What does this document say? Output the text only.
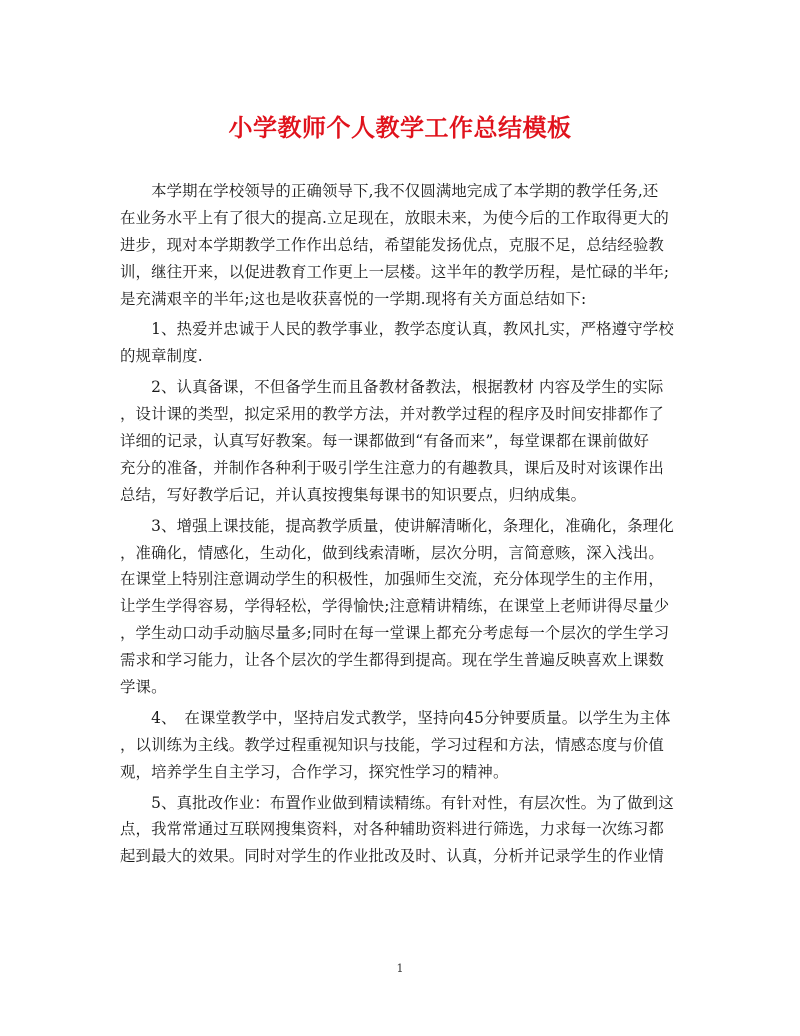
小学教师个人教学工作总结模板
　　本学期在学校领导的正确领导下,我不仅圆满地完成了本学期的教学任务,还
在业务水平上有了很大的提高.立足现在，放眼未来，为使今后的工作取得更大的
进步，现对本学期教学工作作出总结，希望能发扬优点，克服不足，总结经验教
训，继往开来，以促进教育工作更上一层楼。这半年的教学历程，是忙碌的半年;
是充满艰辛的半年;这也是收获喜悦的一学期.现将有关方面总结如下:
　　1、热爱并忠诚于人民的教学事业，教学态度认真，教风扎实，严格遵守学校
的规章制度.
　　2、认真备课，不但备学生而且备教材备教法，根据教材 内容及学生的实际
，设计课的类型，拟定采用的教学方法，并对教学过程的程序及时间安排都作了
详细的记录，认真写好教案。每一课都做到“有备而来”，每堂课都在课前做好
充分的准备，并制作各种利于吸引学生注意力的有趣教具，课后及时对该课作出
总结，写好教学后记，并认真按搜集每课书的知识要点，归纳成集。
　　3、增强上课技能，提高教学质量，使讲解清晰化，条理化，准确化，条理化
，准确化，情感化，生动化，做到线索清晰，层次分明，言简意赅，深入浅出。
在课堂上特别注意调动学生的积极性，加强师生交流，充分体现学生的主作用，
让学生学得容易，学得轻松，学得愉快;注意精讲精练，在课堂上老师讲得尽量少
，学生动口动手动脑尽量多;同时在每一堂课上都充分考虑每一个层次的学生学习
需求和学习能力，让各个层次的学生都得到提高。现在学生普遍反映喜欢上课数
学课。
　　4、　在课堂教学中，坚持启发式教学，坚持向45分钟要质量。以学生为主体
，以训练为主线。教学过程重视知识与技能，学习过程和方法，情感态度与价值
观，培养学生自主学习，合作学习，探究性学习的精神。
　　5、真批改作业：布置作业做到精读精练。有针对性，有层次性。为了做到这
点，我常常通过互联网搜集资料，对各种辅助资料进行筛选，力求每一次练习都
起到最大的效果。同时对学生的作业批改及时、认真，分析并记录学生的作业情
1
